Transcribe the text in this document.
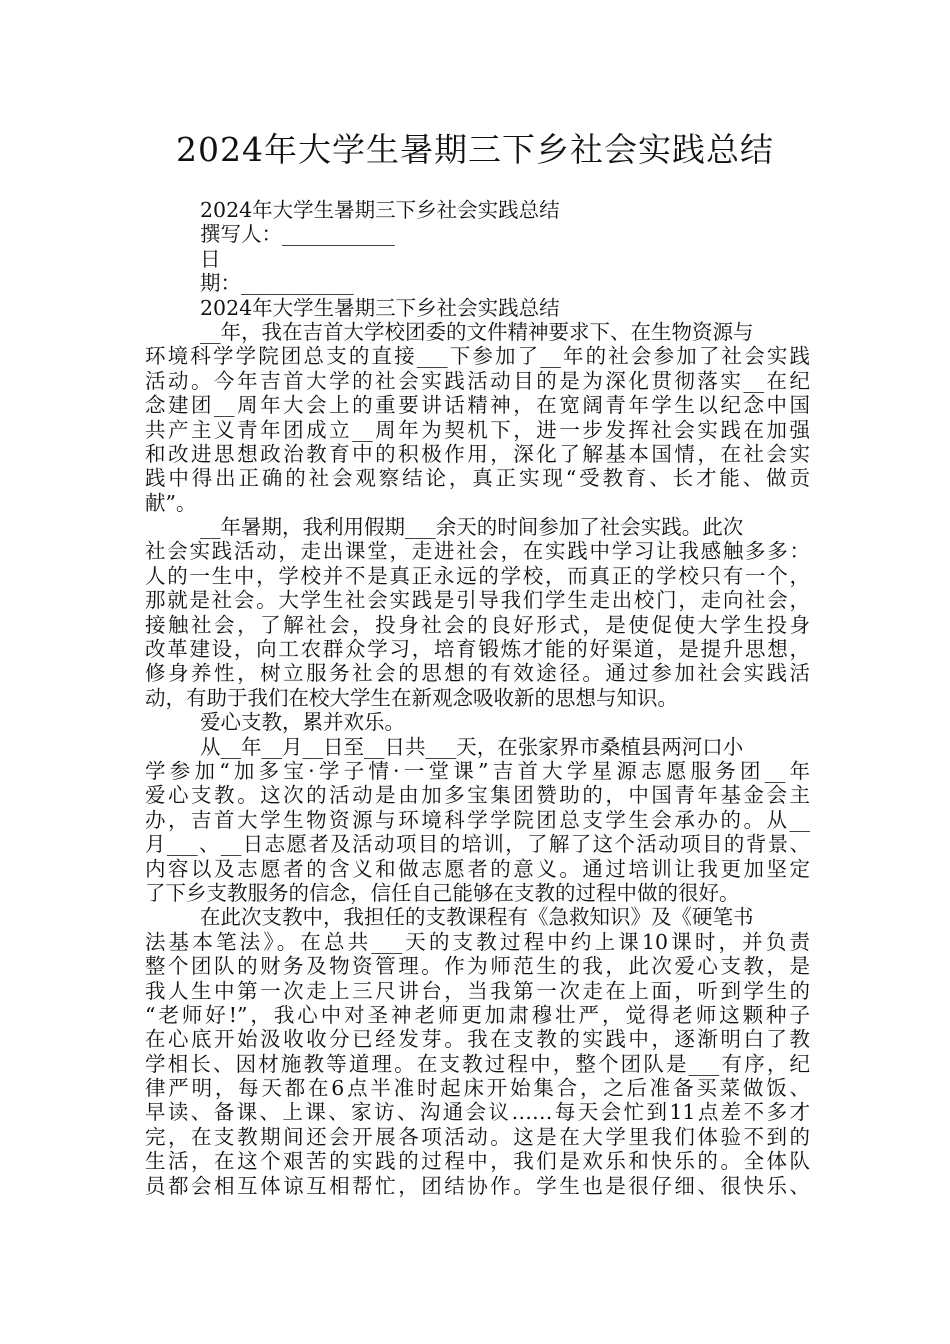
2024年大学生暑期三下乡社会实践总结
2024年大学生暑期三下乡社会实践总结
撰写人：___________
日
期：___________
2024年大学生暑期三下乡社会实践总结
__年，我在吉首大学校团委的文件精神要求下、在生物资源与
环境科学学院团总支的直接___下参加了__年的社会参加了社会实践
活动。今年吉首大学的社会实践活动目的是为深化贯彻落实__在纪
念建团__周年大会上的重要讲话精神，在宽阔青年学生以纪念中国
共产主义青年团成立__周年为契机下，进一步发挥社会实践在加强
和改进思想政治教育中的积极作用，深化了解基本国情，在社会实
践中得出正确的社会观察结论，真正实现“受教育、长才能、做贡
献”。
__年暑期，我利用假期___余天的时间参加了社会实践。此次
社会实践活动，走出课堂，走进社会，在实践中学习让我感触多多：
人的一生中，学校并不是真正永远的学校，而真正的学校只有一个，
那就是社会。大学生社会实践是引导我们学生走出校门，走向社会，
接触社会，了解社会，投身社会的良好形式，是使促使大学生投身
改革建设，向工农群众学习，培育锻炼才能的好渠道，是提升思想，
修身养性，树立服务社会的思想的有效途径。通过参加社会实践活
动，有助于我们在校大学生在新观念吸收新的思想与知识。
爱心支教，累并欢乐。
从__年__月__日至__日共___天，在张家界市桑植县两河口小
学参加“加多宝·学子情·一堂课”吉首大学星源志愿服务团__年
爱心支教。这次的活动是由加多宝集团赞助的，中国青年基金会主
办，吉首大学生物资源与环境科学学院团总支学生会承办的。从__
月___、__日志愿者及活动项目的培训，了解了这个活动项目的背景、
内容以及志愿者的含义和做志愿者的意义。通过培训让我更加坚定
了下乡支教服务的信念，信任自己能够在支教的过程中做的很好。
在此次支教中，我担任的支教课程有《急救知识》及《硬笔书
法基本笔法》。在总共___天的支教过程中约上课10课时，并负责
整个团队的财务及物资管理。作为师范生的我，此次爱心支教，是
我人生中第一次走上三尺讲台，当我第一次走在上面，听到学生的
“老师好!”，我心中对圣神老师更加肃穆壮严，觉得老师这颗种子
在心底开始汲收收分已经发芽。我在支教的实践中，逐渐明白了教
学相长、因材施教等道理。在支教过程中，整个团队是___有序，纪
律严明，每天都在6点半准时起床开始集合，之后准备买菜做饭、
早读、备课、上课、家访、沟通会议……每天会忙到11点差不多才
完，在支教期间还会开展各项活动。这是在大学里我们体验不到的
生活，在这个艰苦的实践的过程中，我们是欢乐和快乐的。全体队
员都会相互体谅互相帮忙，团结协作。学生也是很仔细、很快乐、
